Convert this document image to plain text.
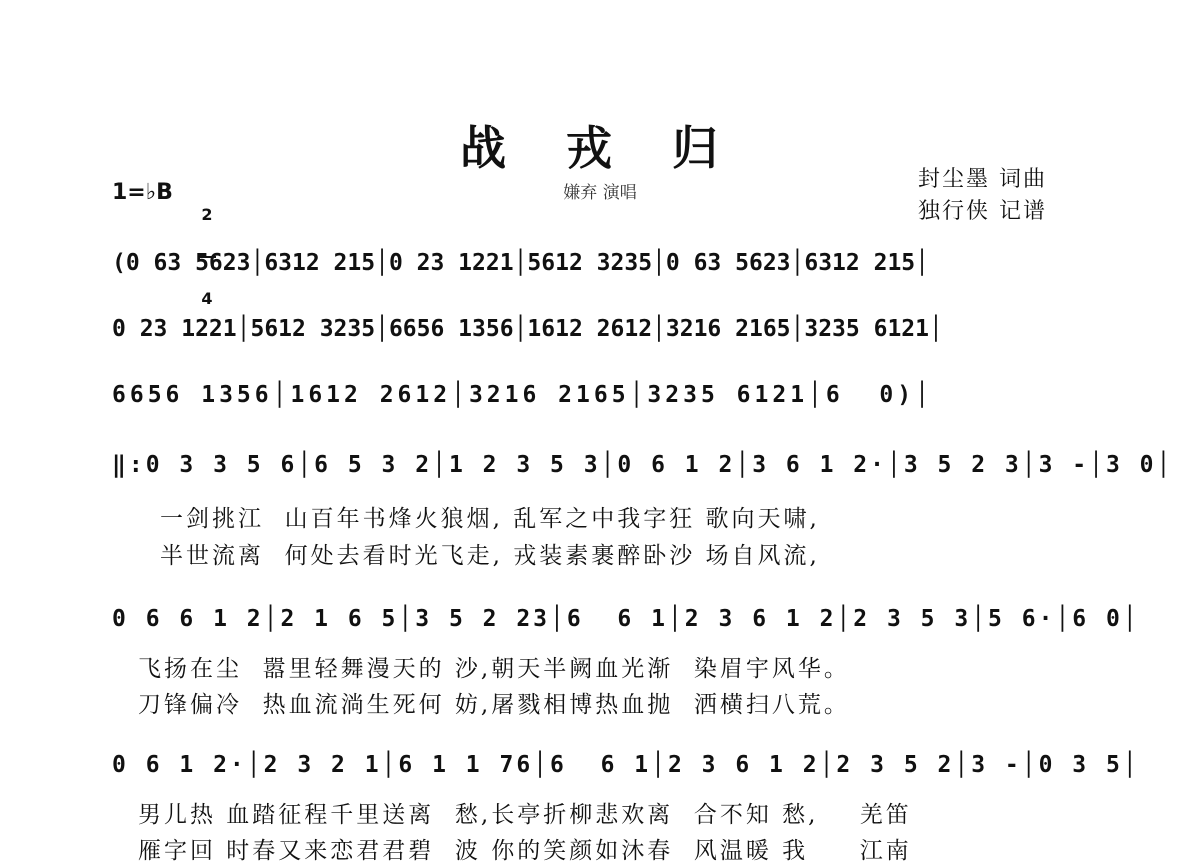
战 戎 归
嫌弃 演唱
封尘墨 词曲
独行侠 记谱
1=♭B

2

4

(0 63 5623│6312 215│0 23 1221│5612 3235│0 63 5623│6312 215│
0 23 1221│5612 3235│6656 1356│1612 2612│3216 2165│3235 6121│
6656 1356│1612 2612│3216 2165│3235 6121│6  0)│
‖:0 3 3 5 6│6 5 3 2│1 2 3 5 3│0 6 1 2│3 6 1 2·│3 5 2 3│3 -│3 0│
一剑挑江  山百年书烽火狼烟, 乱军之中我字狂 歌向天啸,
半世流离  何处去看时光飞走, 戎装素裹醉卧沙 场自风流,
0 6 6 1 2│2 1 6 5│3 5 2 23│6  6 1│2 3 6 1 2│2 3 5 3│5 6·│6 0│
飞扬在尘  嚣里轻舞漫天的 沙,朝天半阙血光渐  染眉宇风华。
刀锋偏冷  热血流淌生死何 妨,屠戮相博热血抛  洒横扫八荒。
0 6 1 2·│2 3 2 1│6 1 1 76│6  6 1│2 3 6 1 2│2 3 5 2│3 -│0 3 5│
男儿热 血踏征程千里送离  愁,长亭折柳悲欢离  合不知 愁,    羌笛
雁字回 时春又来恋君君碧  波 你的笑颜如沐春  风温暖 我     江南
